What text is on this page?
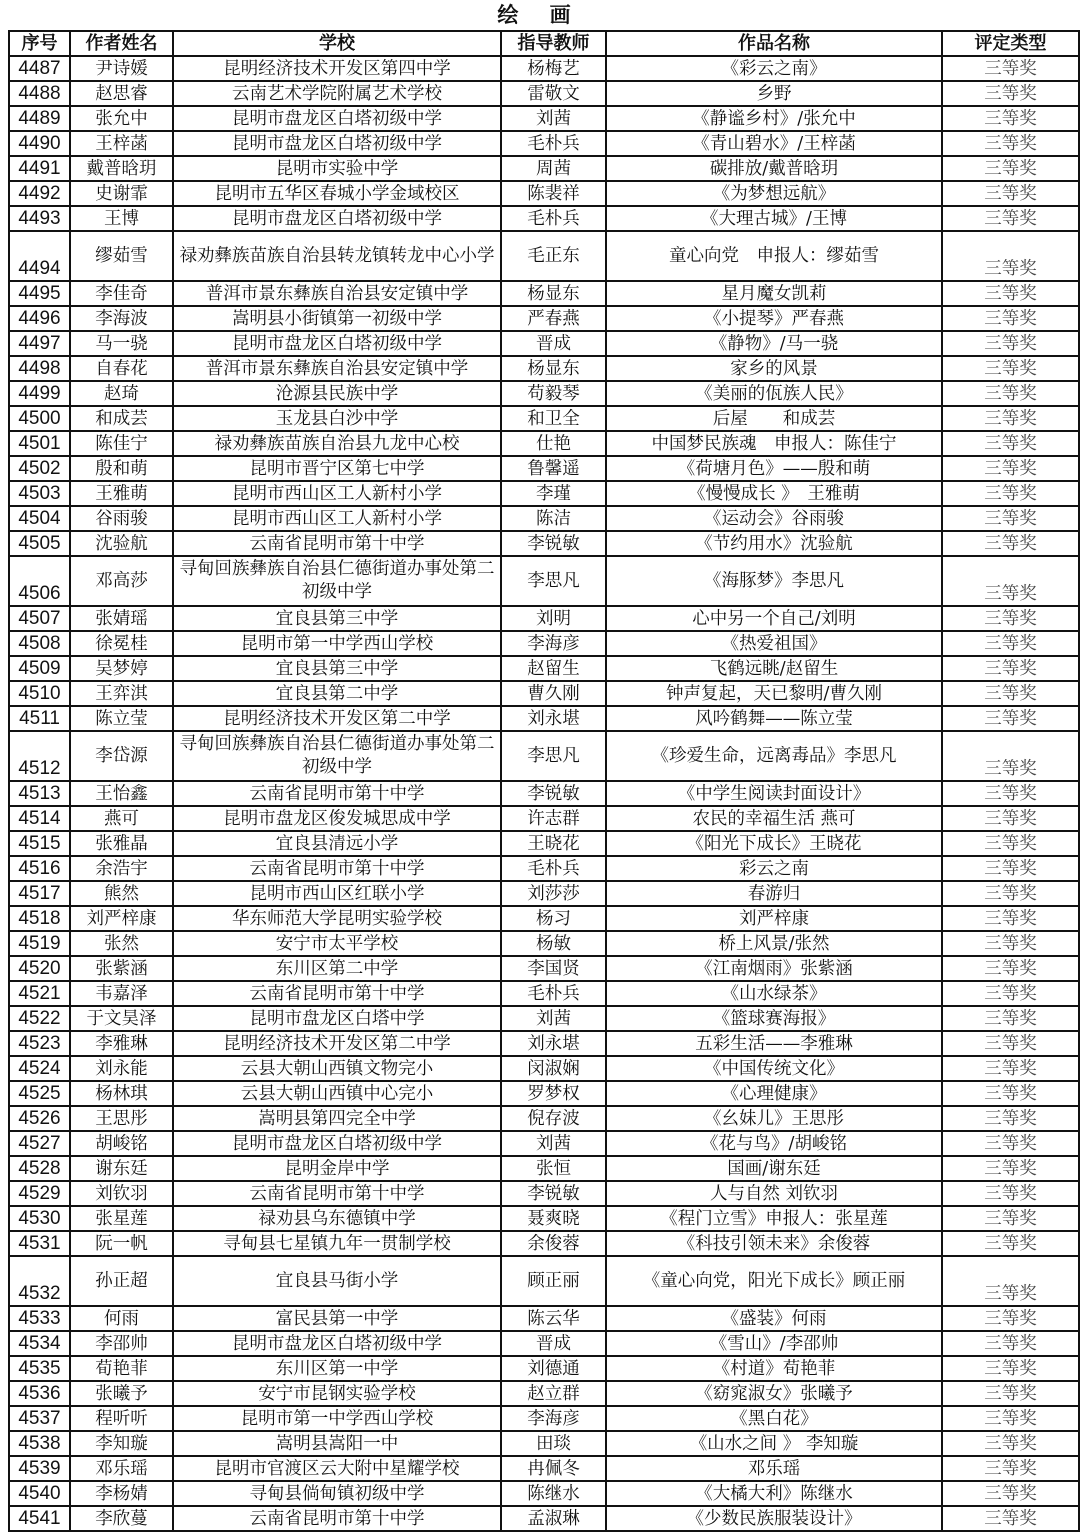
绘 画
序号	作者姓名	学校	指导教师	作品名称	评定类型
4487	尹诗媛	昆明经济技术开发区第四中学	杨梅艺	《彩云之南》	三等奖
4488	赵思睿	云南艺术学院附属艺术学校	雷敬文	乡野	三等奖
4489	张允中	昆明市盘龙区白塔初级中学	刘茜	《静谧乡村》/张允中	三等奖
4490	王梓菡	昆明市盘龙区白塔初级中学	毛朴兵	《青山碧水》/王梓菡	三等奖
4491	戴普晗玥	昆明市实验中学	周茜	碳排放/戴普晗玥	三等奖
4492	史谢霏	昆明市五华区春城小学金域校区	陈裴祥	《为梦想远航》	三等奖
4493	王博	昆明市盘龙区白塔初级中学	毛朴兵	《大理古城》/王博	三等奖
4494	缪茹雪	禄劝彝族苗族自治县转龙镇转龙中心小学	毛正东	童心向党　申报人：缪茹雪	三等奖
4495	李佳奇	普洱市景东彝族自治县安定镇中学	杨显东	星月魔女凯莉	三等奖
4496	李海波	嵩明县小街镇第一初级中学	严春燕	《小提琴》严春燕	三等奖
4497	马一骁	昆明市盘龙区白塔初级中学	晋成	《静物》/马一骁	三等奖
4498	自春花	普洱市景东彝族自治县安定镇中学	杨显东	家乡的风景	三等奖
4499	赵琦	沧源县民族中学	苟毅琴	《美丽的佤族人民》	三等奖
4500	和成芸	玉龙县白沙中学	和卫全	后屋　　和成芸	三等奖
4501	陈佳宁	禄劝彝族苗族自治县九龙中心校	仕艳	中国梦民族魂　申报人：陈佳宁	三等奖
4502	殷和萌	昆明市晋宁区第七中学	鲁馨遥	《荷塘月色》——殷和萌	三等奖
4503	王雅萌	昆明市西山区工人新村小学	李瑾	《慢慢成长 》　王雅萌	三等奖
4504	谷雨骏	昆明市西山区工人新村小学	陈洁	《运动会》谷雨骏	三等奖
4505	沈验航	云南省昆明市第十中学	李锐敏	《节约用水》沈验航	三等奖
4506	邓高莎	寻甸回族彝族自治县仁德街道办事处第二初级中学	李思凡	《海豚梦》李思凡	三等奖
4507	张婧瑶	宜良县第三中学	刘明	心中另一个自己/刘明	三等奖
4508	徐冕桂	昆明市第一中学西山学校	李海彦	《热爱祖国》	三等奖
4509	吴梦婷	宜良县第三中学	赵留生	飞鹤远眺/赵留生	三等奖
4510	王弈淇	宜良县第二中学	曹久刚	钟声复起，天已黎明/曹久刚	三等奖
4511	陈立莹	昆明经济技术开发区第二中学	刘永堪	风吟鹤舞——陈立莹	三等奖
4512	李岱源	寻甸回族彝族自治县仁德街道办事处第二初级中学	李思凡	《珍爱生命，远离毒品》李思凡	三等奖
4513	王怡鑫	云南省昆明市第十中学	李锐敏	《中学生阅读封面设计》	三等奖
4514	燕可	昆明市盘龙区俊发城思成中学	许志群	农民的幸福生活 燕可	三等奖
4515	张雅晶	宜良县清远小学	王晓花	《阳光下成长》王晓花	三等奖
4516	余浩宇	云南省昆明市第十中学	毛朴兵	彩云之南	三等奖
4517	熊然	昆明市西山区红联小学	刘莎莎	春游归	三等奖
4518	刘严梓康	华东师范大学昆明实验学校	杨习	刘严梓康	三等奖
4519	张然	安宁市太平学校	杨敏	桥上风景/张然	三等奖
4520	张紫涵	东川区第二中学	李国贤	《江南烟雨》张紫涵	三等奖
4521	韦嘉泽	云南省昆明市第十中学	毛朴兵	《山水绿茶》	三等奖
4522	于文昊泽	昆明市盘龙区白塔中学	刘茜	《篮球赛海报》	三等奖
4523	李雅琳	昆明经济技术开发区第二中学	刘永堪	五彩生活——李雅琳	三等奖
4524	刘永能	云县大朝山西镇文物完小	闵淑娴	《中国传统文化》	三等奖
4525	杨林琪	云县大朝山西镇中心完小	罗梦权	《心理健康》	三等奖
4526	王思彤	嵩明县第四完全中学	倪存波	《幺妹儿》王思彤	三等奖
4527	胡峻铭	昆明市盘龙区白塔初级中学	刘茜	《花与鸟》/胡峻铭	三等奖
4528	谢东廷	昆明金岸中学	张恒	国画/谢东廷	三等奖
4529	刘钦羽	云南省昆明市第十中学	李锐敏	人与自然 刘钦羽	三等奖
4530	张星莲	禄劝县乌东德镇中学	聂爽晓	《程门立雪》申报人：张星莲	三等奖
4531	阮一帆	寻甸县七星镇九年一贯制学校	余俊蓉	《科技引领未来》余俊蓉	三等奖
4532	孙正超	宜良县马街小学	顾正丽	《童心向党，阳光下成长》顾正丽	三等奖
4533	何雨	富民县第一中学	陈云华	《盛装》何雨	三等奖
4534	李邵帅	昆明市盘龙区白塔初级中学	晋成	《雪山》/李邵帅	三等奖
4535	荀艳菲	东川区第一中学	刘德通	《村道》荀艳菲	三等奖
4536	张曦予	安宁市昆钢实验学校	赵立群	《窈窕淑女》张曦予	三等奖
4537	程听听	昆明市第一中学西山学校	李海彦	《黑白花》	三等奖
4538	李知璇	嵩明县嵩阳一中	田琰	《山水之间 》 李知璇	三等奖
4539	邓乐瑶	昆明市官渡区云大附中星耀学校	冉佩冬	邓乐瑶	三等奖
4540	李杨婧	寻甸县倘甸镇初级中学	陈继水	《大橘大利》陈继水	三等奖
4541	李欣蔓	云南省昆明市第十中学	孟淑琳	《少数民族服装设计》	三等奖
